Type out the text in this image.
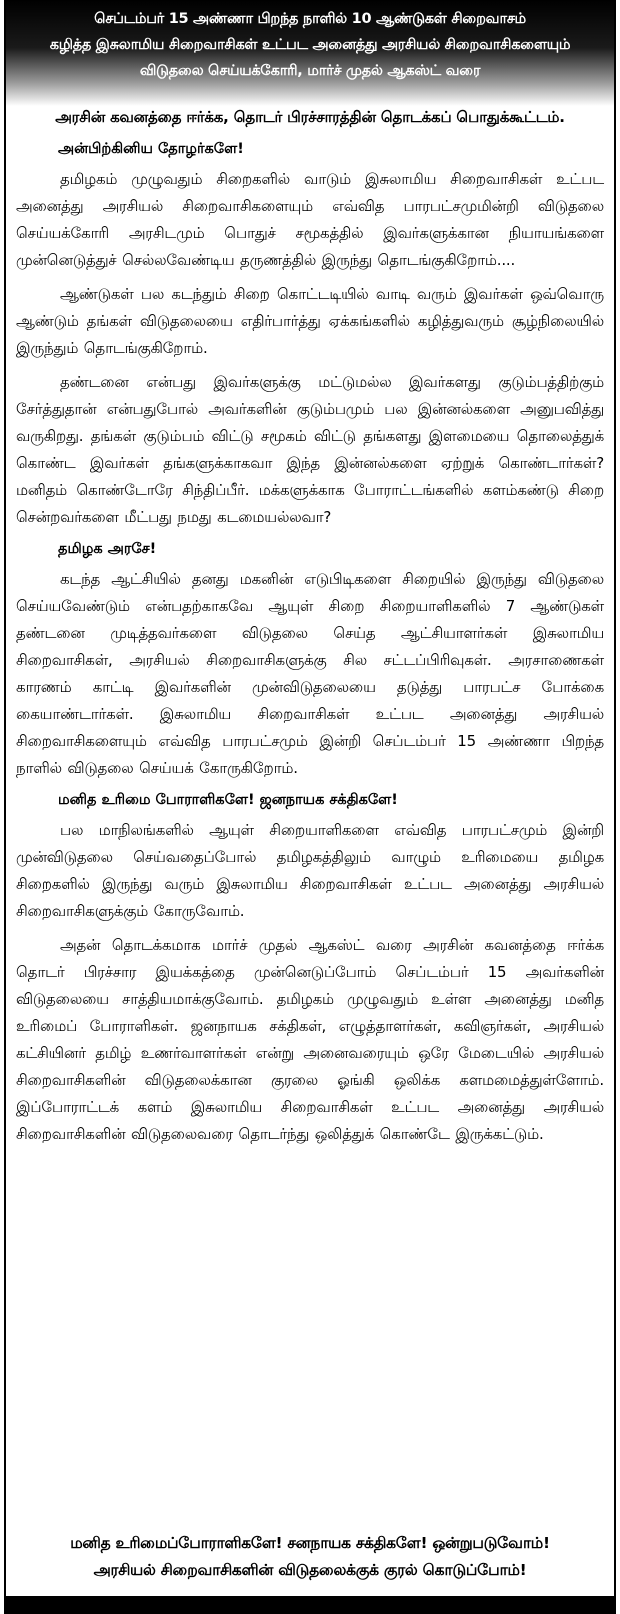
செப்டம்பர் 15 அண்ணா பிறந்த நாளில் 10 ஆண்டுகள் சிறைவாசம்
கழித்த இசுலாமிய சிறைவாசிகள் உட்பட அனைத்து அரசியல் சிறைவாசிகளையும்
விடுதலை செய்யக்கோரி, மார்ச் முதல் ஆகஸ்ட் வரை
அரசின் கவனத்தை ஈர்க்க, தொடர் பிரச்சாரத்தின் தொடக்கப் பொதுக்கூட்டம்.
அன்பிற்கினிய தோழர்களே!

தமிழகம் முழுவதும் சிறைகளில் வாடும் இசுலாமிய சிறைவாசிகள் உட்பட அனைத்து அரசியல் சிறைவாசிகளையும் எவ்வித பாரபட்சமுமின்றி விடுதலை செய்யக்கோரி அரசிடமும் பொதுச் சமூகத்தில் இவர்களுக்கான நியாயங்களை முன்னெடுத்துச் செல்லவேண்டிய தருணத்தில் இருந்து தொடங்குகிறோம்....

ஆண்டுகள் பல கடந்தும் சிறை கொட்டடியில் வாடி வரும் இவர்கள் ஒவ்வொரு ஆண்டும் தங்கள் விடுதலையை எதிர்பார்த்து ஏக்கங்களில் கழித்துவரும் சூழ்நிலையில் இருந்தும் தொடங்குகிறோம்.

தண்டனை என்பது இவர்களுக்கு மட்டுமல்ல இவர்களது குடும்பத்திற்கும் சேர்த்துதான் என்பதுபோல் அவர்களின் குடும்பமும் பல இன்னல்களை அனுபவித்து வருகிறது. தங்கள் குடும்பம் விட்டு சமூகம் விட்டு தங்களது இளமையை தொலைத்துக் கொண்ட இவர்கள் தங்களுக்காகவா இந்த இன்னல்களை ஏற்றுக் கொண்டார்கள்? மனிதம் கொண்டோரே சிந்திப்பீர். மக்களுக்காக போராட்டங்களில் களம்கண்டு சிறை சென்றவர்களை மீட்பது நமது கடமையல்லவா?

தமிழக அரசே!

கடந்த ஆட்சியில் தனது மகனின் எடுபிடிகளை சிறையில் இருந்து விடுதலை செய்யவேண்டும் என்பதற்காகவே ஆயுள் சிறை சிறையாளிகளில் 7 ஆண்டுகள் தண்டனை முடித்தவர்களை விடுதலை செய்த ஆட்சியாளர்கள் இசுலாமிய சிறைவாசிகள், அரசியல் சிறைவாசிகளுக்கு சில சட்டப்பிரிவுகள். அரசாணைகள் காரணம் காட்டி இவர்களின் முன்விடுதலையை தடுத்து பாரபட்ச போக்கை கையாண்டார்கள். இசுலாமிய சிறைவாசிகள் உட்பட அனைத்து அரசியல் சிறைவாசிகளையும் எவ்வித பாரபட்சமும் இன்றி செப்டம்பர் 15 அண்ணா பிறந்த நாளில் விடுதலை செய்யக் கோருகிறோம்.

மனித உரிமை போராளிகளே! ஜனநாயக சக்திகளே!

பல மாநிலங்களில் ஆயுள் சிறையாளிகளை எவ்வித பாரபட்சமும் இன்றி முன்விடுதலை செய்வதைப்போல் தமிழகத்திலும் வாழும் உரிமையை தமிழக சிறைகளில் இருந்து வரும் இசுலாமிய சிறைவாசிகள் உட்பட அனைத்து அரசியல் சிறைவாசிகளுக்கும் கோருவோம்.

அதன் தொடக்கமாக மார்ச் முதல் ஆகஸ்ட் வரை அரசின் கவனத்தை ஈர்க்க தொடர் பிரச்சார இயக்கத்தை முன்னெடுப்போம் செப்டம்பர் 15 அவர்களின் விடுதலையை சாத்தியமாக்குவோம். தமிழகம் முழுவதும் உள்ள அனைத்து மனித உரிமைப் போராளிகள். ஜனநாயக சக்திகள், எழுத்தாளர்கள், கவிஞர்கள், அரசியல் கட்சியினர் தமிழ் உணர்வாளர்கள் என்று அனைவரையும் ஒரே மேடையில் அரசியல் சிறைவாசிகளின் விடுதலைக்கான குரலை ஓங்கி ஒலிக்க களமமைத்துள்ளோம். இப்போராட்டக் களம் இசுலாமிய சிறைவாசிகள் உட்பட அனைத்து அரசியல் சிறைவாசிகளின் விடுதலைவரை தொடர்ந்து ஒலித்துக் கொண்டே இருக்கட்டும்.

மனித உரிமைப்போராளிகளே! சனநாயக சக்திகளே! ஒன்றுபடுவோம்!
அரசியல் சிறைவாசிகளின் விடுதலைக்குக் குரல் கொடுப்போம்!
